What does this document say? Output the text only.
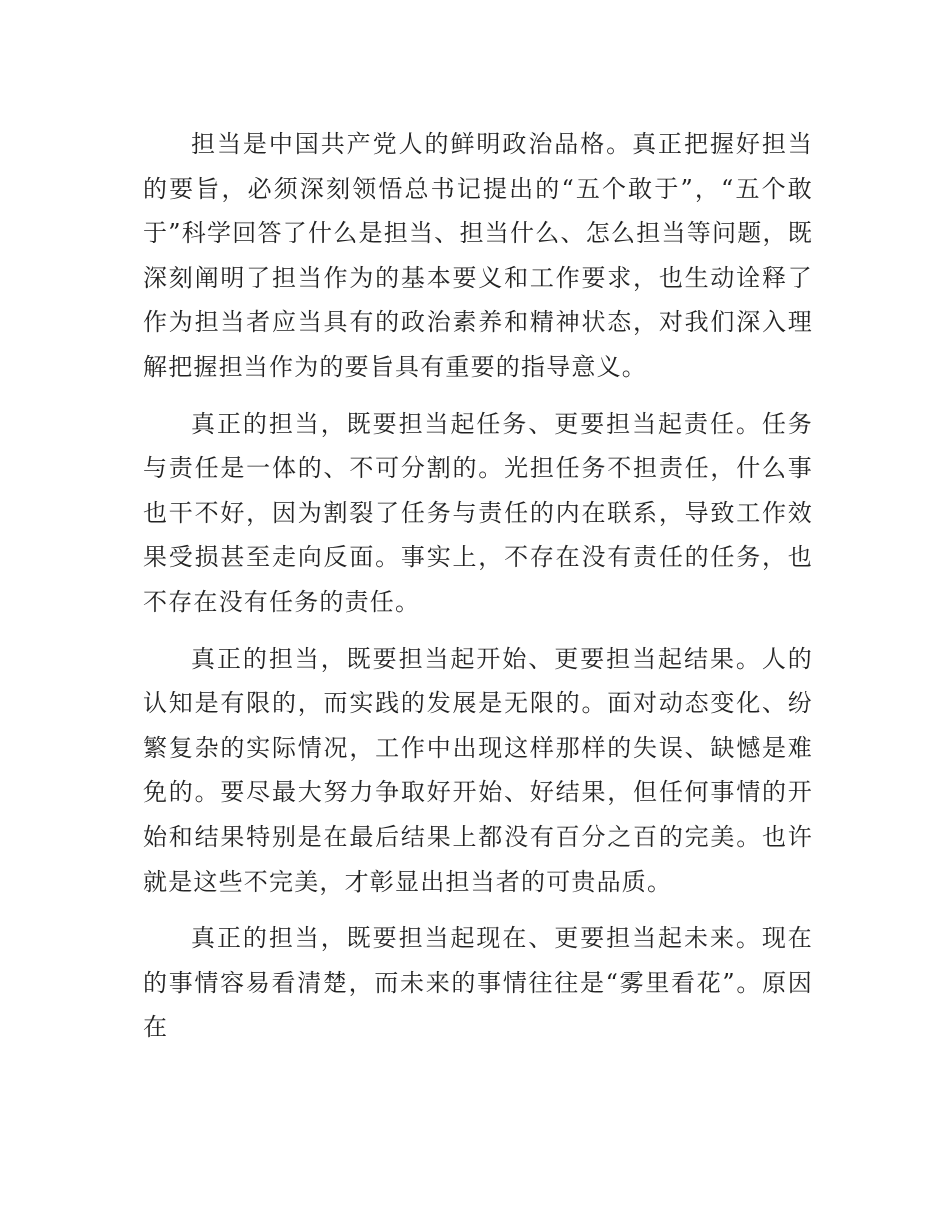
担当是中国共产党人的鲜明政治品格。真正把握好担当的要旨，必须深刻领悟总书记提出的“五个敢于”，“五个敢于”科学回答了什么是担当、担当什么、怎么担当等问题，既深刻阐明了担当作为的基本要义和工作要求，也生动诠释了作为担当者应当具有的政治素养和精神状态，对我们深入理解把握担当作为的要旨具有重要的指导意义。

真正的担当，既要担当起任务、更要担当起责任。任务与责任是一体的、不可分割的。光担任务不担责任，什么事也干不好，因为割裂了任务与责任的内在联系，导致工作效果受损甚至走向反面。事实上，不存在没有责任的任务，也不存在没有任务的责任。

真正的担当，既要担当起开始、更要担当起结果。人的认知是有限的，而实践的发展是无限的。面对动态变化、纷繁复杂的实际情况，工作中出现这样那样的失误、缺憾是难免的。要尽最大努力争取好开始、好结果，但任何事情的开始和结果特别是在最后结果上都没有百分之百的完美。也许就是这些不完美，才彰显出担当者的可贵品质。

真正的担当，既要担当起现在、更要担当起未来。现在的事情容易看清楚，而未来的事情往往是“雾里看花”。原因在
